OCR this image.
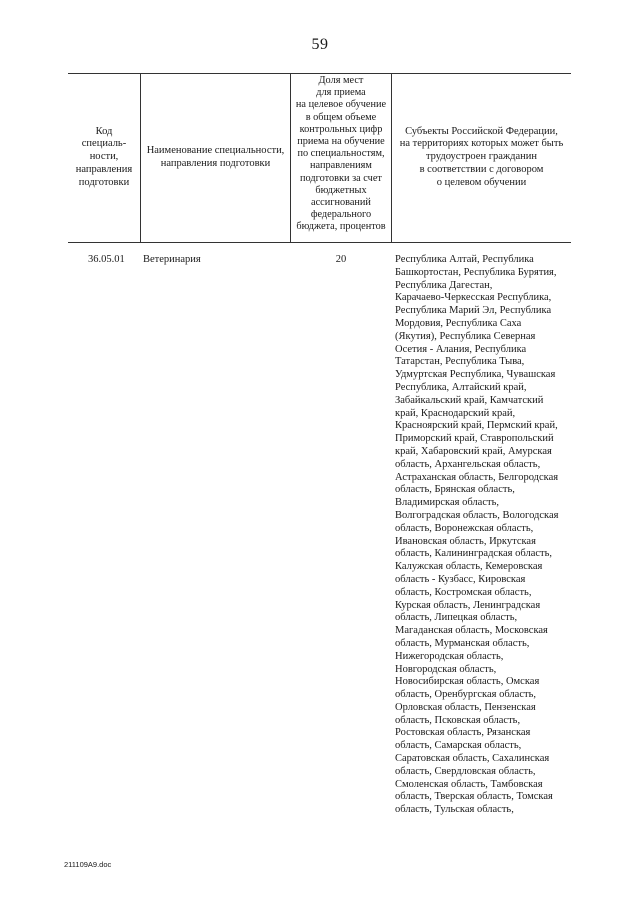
59
Код
специаль-
ности,
направления
подготовки
Наименование специальности,
направления подготовки
Доля мест
для приема
на целевое обучение
в общем объеме
контрольных цифр
приема на обучение
по специальностям,
направлениям
подготовки за счет
бюджетных
ассигнований
федерального
бюджета, процентов
Субъекты Российской Федерации,
на территориях которых может быть
трудоустроен гражданин
в соответствии с договором
о целевом обучении
36.05.01 Ветеринария	20	Республика Алтай, Республика
Башкортостан, Республика Бурятия,
Республика Дагестан,
Карачаево-Черкесская Республика,
Республика Марий Эл, Республика
Мордовия, Республика Саха
(Якутия), Республика Северная
Осетия - Алания, Республика
Татарстан, Республика Тыва,
Удмуртская Республика, Чувашская
Республика, Алтайский край,
Забайкальский край, Камчатский
край, Краснодарский край,
Красноярский край, Пермский край,
Приморский край, Ставропольский
край, Хабаровский край, Амурская
область, Архангельская область,
Астраханская область, Белгородская
область, Брянская область,
Владимирская область,
Волгоградская область, Вологодская
область, Воронежская область,
Ивановская область, Иркутская
область, Калининградская область,
Калужская область, Кемеровская
область - Кузбасс, Кировская
область, Костромская область,
Курская область, Ленинградская
область, Липецкая область,
Магаданская область, Московская
область, Мурманская область,
Нижегородская область,
Новгородская область,
Новосибирская область, Омская
область, Оренбургская область,
Орловская область, Пензенская
область, Псковская область,
Ростовская область, Рязанская
область, Самарская область,
Саратовская область, Сахалинская
область, Свердловская область,
Смоленская область, Тамбовская
область, Тверская область, Томская
область, Тульская область,
211109А9.doc
